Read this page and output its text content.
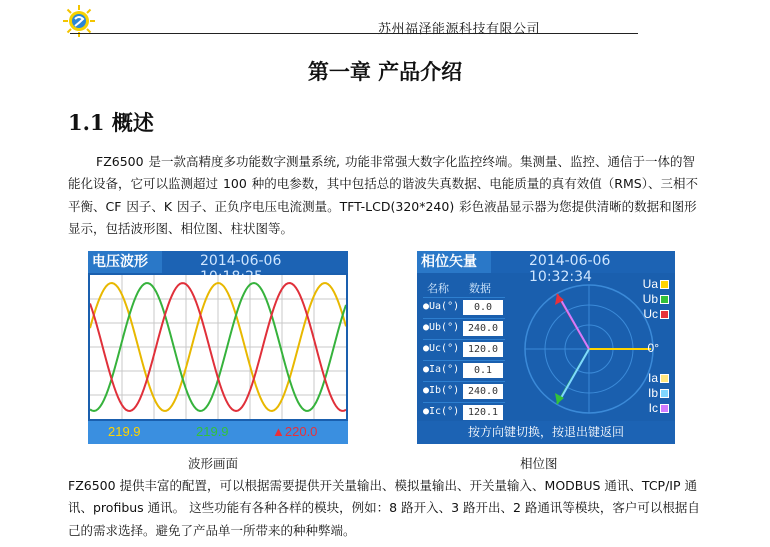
苏州福泽能源科技有限公司
第一章 产品介绍
1.1 概述
FZ6500 是一款高精度多功能数字测量系统, 功能非常强大数字化监控终端。集测量、监控、通信于一体的智能化设备，它可以监测超过 100 种的电参数，其中包括总的谐波失真数据、电能质量的真有效值（RMS）、三相不平衡、CF 因子、K 因子、正负序电压电流测量。TFT-LCD(320*240) 彩色液晶显示器为您提供清晰的数据和图形显示，包括波形图、相位图、柱状图等。
电压波形	2014-06-06
219.9	219.9	▲220.0
相位矢量	2014-06-06 10:32:34
名称 数据
●Ua(°)	0.0
●Ub(°) 240.0
●Uc(°) 120.0
●Ia(°)	0.1
●Ib(°) 240.0
●Ic(°) 120.1
Ua
Ub
Uc
0°
Ia
Ib
Ic
按方向键切换，按退出键返回
波形画面	相位图
FZ6500 提供丰富的配置，可以根据需要提供开关量输出、模拟量输出、开关量输入、MODBUS 通讯、TCP/IP 通讯、profibus 通讯。 这些功能有各种各样的模块，例如：8 路开入、3 路开出、2 路通讯等模块，客户可以根据自己的需求选择。避免了产品单一所带来的种种弊端。
